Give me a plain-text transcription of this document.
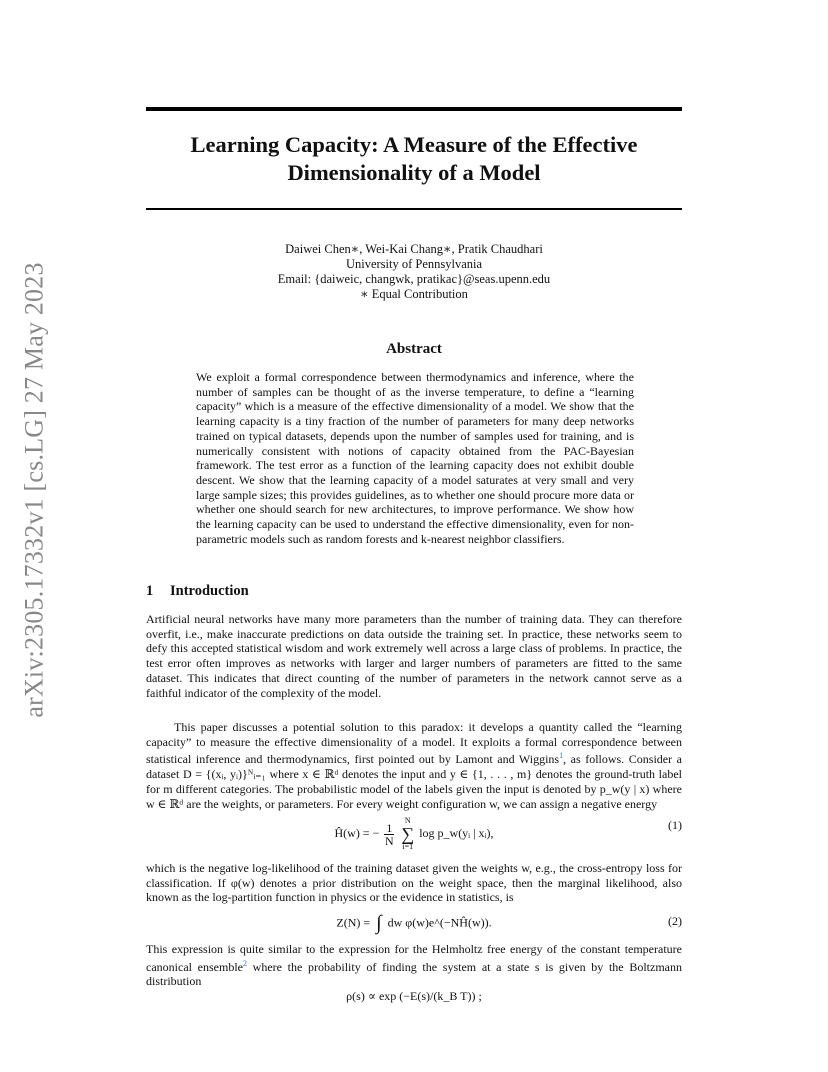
arXiv:2305.17332v1 [cs.LG] 27 May 2023
Learning Capacity: A Measure of the Effective
Dimensionality of a Model
Daiwei Chen∗, Wei-Kai Chang∗, Pratik Chaudhari
University of Pennsylvania
Email: {daiweic, changwk, pratikac}@seas.upenn.edu
∗ Equal Contribution
Abstract
We exploit a formal correspondence between thermodynamics and inference, where the number of samples can be thought of as the inverse temperature, to define a “learning capacity” which is a measure of the effective dimensionality of a model. We show that the learning capacity is a tiny fraction of the number of parameters for many deep networks trained on typical datasets, depends upon the number of samples used for training, and is numerically consistent with notions of capacity obtained from the PAC-Bayesian framework. The test error as a function of the learning capacity does not exhibit double descent. We show that the learning capacity of a model saturates at very small and very large sample sizes; this provides guidelines, as to whether one should procure more data or whether one should search for new architectures, to improve performance. We show how the learning capacity can be used to understand the effective dimensionality, even for non-parametric models such as random forests and k-nearest neighbor classifiers.
1 Introduction
Artificial neural networks have many more parameters than the number of training data. They can therefore overfit, i.e., make inaccurate predictions on data outside the training set. In practice, these networks seem to defy this accepted statistical wisdom and work extremely well across a large class of problems. In practice, the test error often improves as networks with larger and larger numbers of parameters are fitted to the same dataset. This indicates that direct counting of the number of parameters in the network cannot serve as a faithful indicator of the complexity of the model.
This paper discusses a potential solution to this paradox: it develops a quantity called the “learning capacity” to measure the effective dimensionality of a model. It exploits a formal correspondence between statistical inference and thermodynamics, first pointed out by Lamont and Wiggins$^1$, as follows. Consider a dataset D = {(xᵢ, yᵢ)}ᴺᵢ₌₁ where x ∈ ℝᵈ denotes the input and y ∈ {1, . . . , m} denotes the ground-truth label for m different categories. The probabilistic model of the labels given the input is denoted by p_w(y | x) where w ∈ ℝᵈ are the weights, or parameters. For every weight configuration w, we can assign a negative energy
Ĥ(w) = − $\frac{1}{N}$

N
∑
i=1
log p_w(yᵢ | xᵢ),
(1)
which is the negative log-likelihood of the training dataset given the weights w, e.g., the cross-entropy loss for classification. If φ(w) denotes a prior distribution on the weight space, then the marginal likelihood, also known as the log-partition function in physics or the evidence in statistics, is
Z(N) = ∫ dw φ(w)e^(−NĤ(w)).	(2)
This expression is quite similar to the expression for the Helmholtz free energy of the constant temperature canonical ensemble$^2$ where the probability of finding the system at a state s is given by the Boltzmann distribution
ρ(s) ∝ exp (−E(s)/(k_B T)) ;
